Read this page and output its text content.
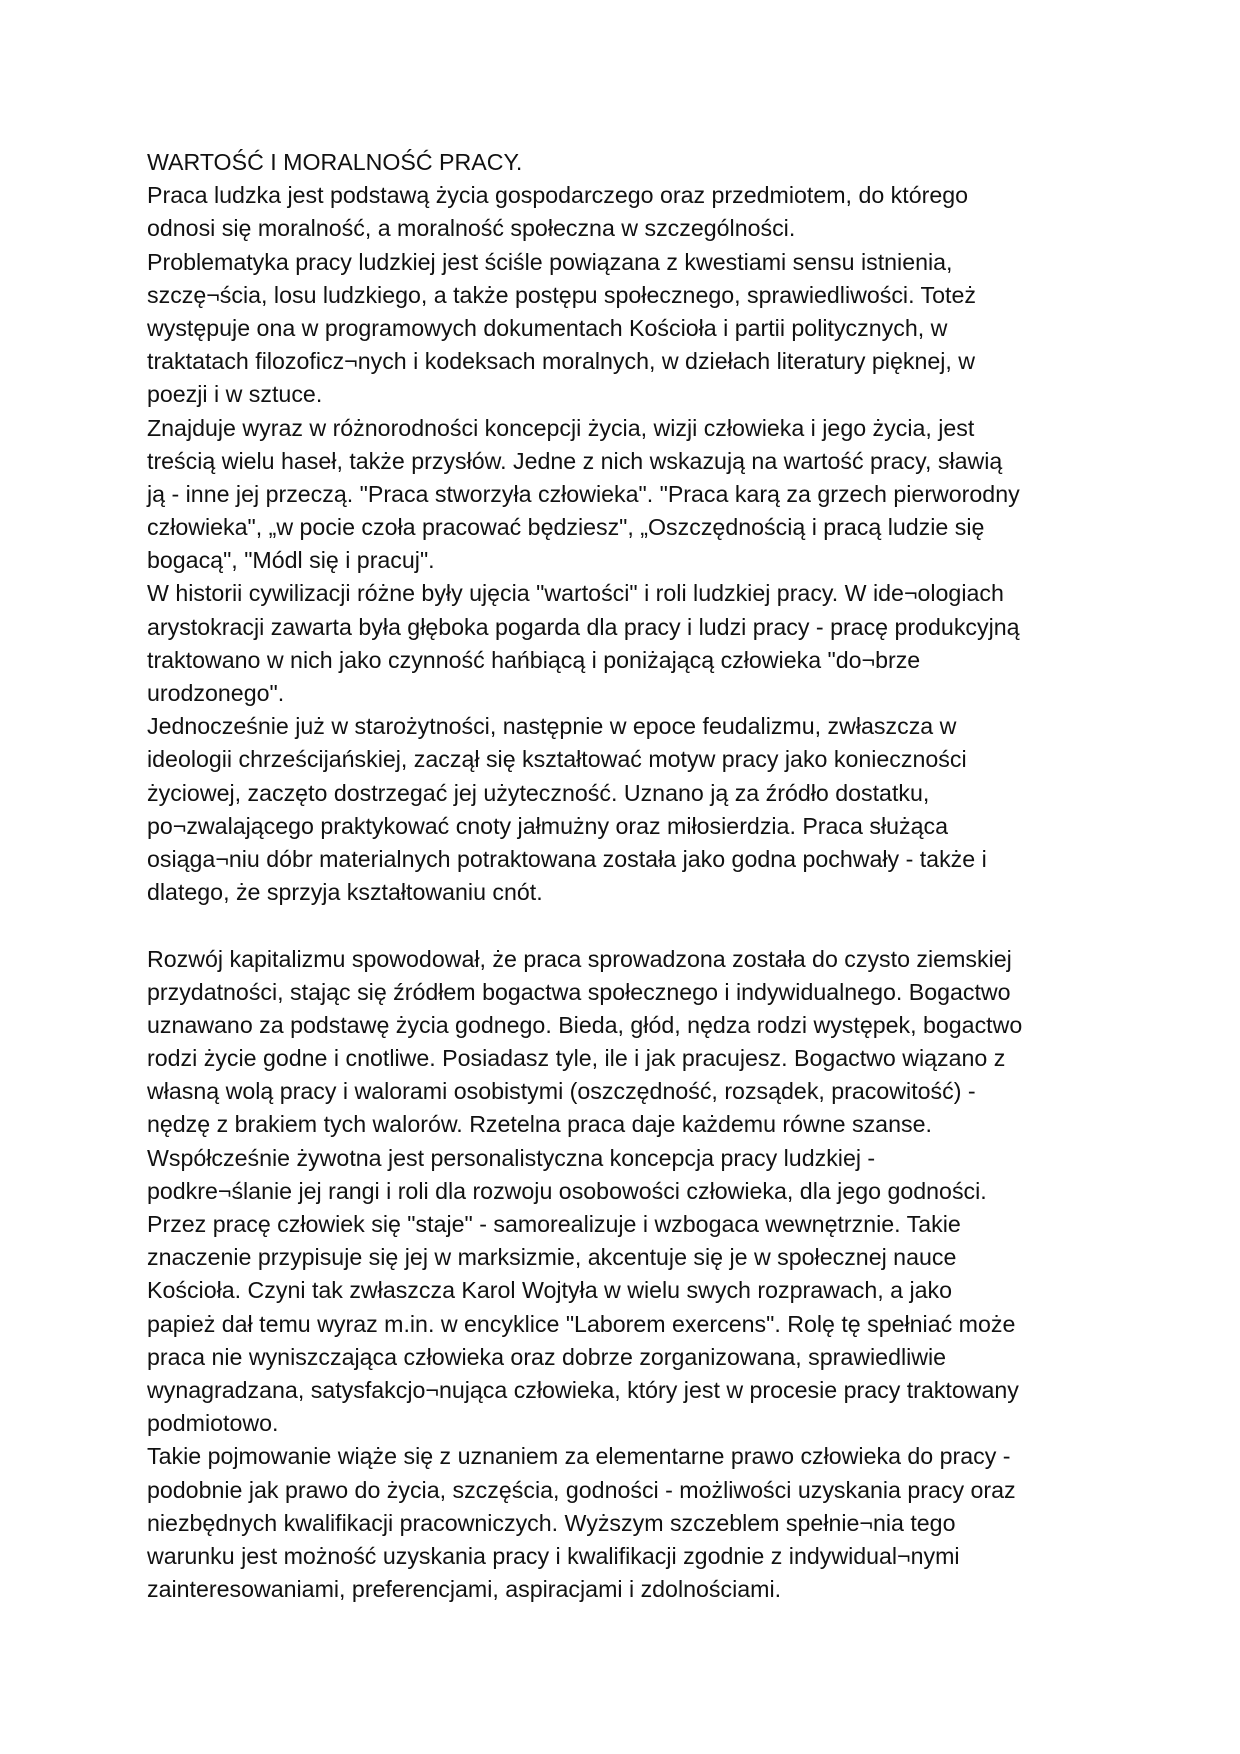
WARTOŚĆ I MORALNOŚĆ PRACY.
Praca ludzka jest podstawą życia gospodarczego oraz przedmiotem, do którego
odnosi się moralność, a moralność społeczna w szczególności.
Problematyka pracy ludzkiej jest ściśle powiązana z kwestiami sensu istnienia,
szczę¬ścia, losu ludzkiego, a także postępu społecznego, sprawiedliwości. Toteż
występuje ona w programowych dokumentach Kościoła i partii politycznych, w
traktatach filozoficz¬nych i kodeksach moralnych, w dziełach literatury pięknej, w
poezji i w sztuce.
Znajduje wyraz w różnorodności koncepcji życia, wizji człowieka i jego życia, jest
treścią wielu haseł, także przysłów. Jedne z nich wskazują na wartość pracy, sławią
ją - inne jej przeczą. "Praca stworzyła człowieka". "Praca karą za grzech pierworodny
człowieka", „w pocie czoła pracować będziesz", „Oszczędnością i pracą ludzie się
bogacą", "Módl się i pracuj".
W historii cywilizacji różne były ujęcia "wartości" i roli ludzkiej pracy. W ide¬ologiach
arystokracji zawarta była głęboka pogarda dla pracy i ludzi pracy - pracę produkcyjną
traktowano w nich jako czynność hańbiącą i poniżającą człowieka "do¬brze
urodzonego".
Jednocześnie już w starożytności, następnie w epoce feudalizmu, zwłaszcza w
ideologii chrześcijańskiej, zaczął się kształtować motyw pracy jako konieczności
życiowej, zaczęto dostrzegać jej użyteczność. Uznano ją za źródło dostatku,
po¬zwalającego praktykować cnoty jałmużny oraz miłosierdzia. Praca służąca
osiąga¬niu dóbr materialnych potraktowana została jako godna pochwały - także i
dlatego, że sprzyja kształtowaniu cnót.
Rozwój kapitalizmu spowodował, że praca sprowadzona została do czysto ziemskiej
przydatności, stając się źródłem bogactwa społecznego i indywidualnego. Bogactwo
uznawano za podstawę życia godnego. Bieda, głód, nędza rodzi występek, bogactwo
rodzi życie godne i cnotliwe. Posiadasz tyle, ile i jak pracujesz. Bogactwo wiązano z
własną wolą pracy i walorami osobistymi (oszczędność, rozsądek, pracowitość) -
nędzę z brakiem tych walorów. Rzetelna praca daje każdemu równe szanse.
Współcześnie żywotna jest personalistyczna koncepcja pracy ludzkiej -
podkre¬ślanie jej rangi i roli dla rozwoju osobowości człowieka, dla jego godności.
Przez pracę człowiek się "staje" - samorealizuje i wzbogaca wewnętrznie. Takie
znaczenie przypisuje się jej w marksizmie, akcentuje się je w społecznej nauce
Kościoła. Czyni tak zwłaszcza Karol Wojtyła w wielu swych rozprawach, a jako
papież dał temu wyraz m.in. w encyklice "Laborem exercens". Rolę tę spełniać może
praca nie wyniszczająca człowieka oraz dobrze zorganizowana, sprawiedliwie
wynagradzana, satysfakcjo¬nująca człowieka, który jest w procesie pracy traktowany
podmiotowo.
Takie pojmowanie wiąże się z uznaniem za elementarne prawo człowieka do pracy -
podobnie jak prawo do życia, szczęścia, godności - możliwości uzyskania pracy oraz
niezbędnych kwalifikacji pracowniczych. Wyższym szczeblem spełnie¬nia tego
warunku jest możność uzyskania pracy i kwalifikacji zgodnie z indywidual¬nymi
zainteresowaniami, preferencjami, aspiracjami i zdolnościami.
